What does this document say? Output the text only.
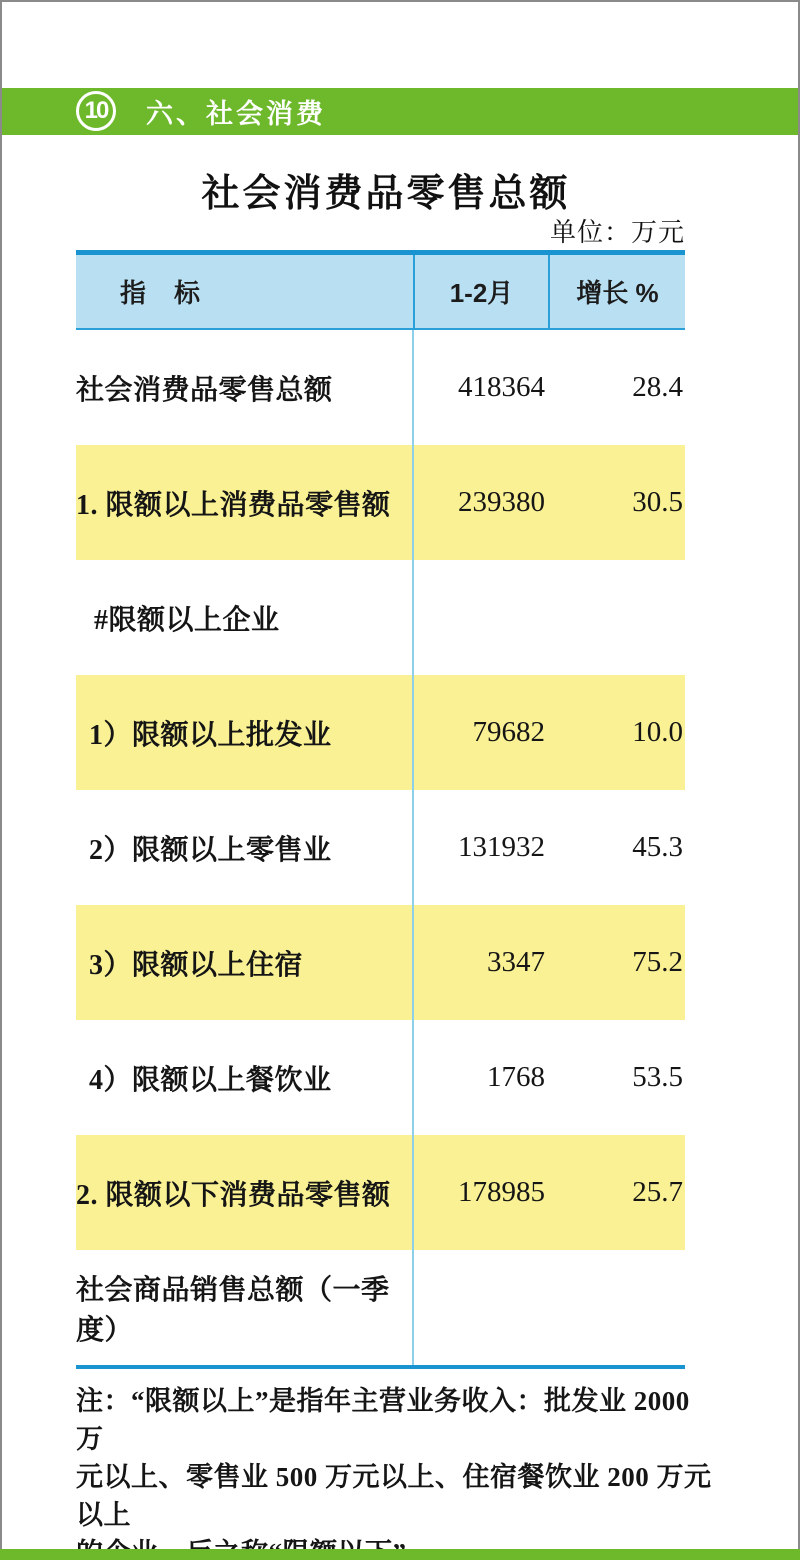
10	六、社会消费
社会消费品零售总额
单位：万元
指　标	1-2月	增长 %
社会消费品零售总额	418364	28.4
1. 限额以上消费品零售额	239380	30.5
#限额以上企业
1）限额以上批发业	79682	10.0
2）限额以上零售业	131932	45.3
3）限额以上住宿	3347	75.2
4）限额以上餐饮业	1768	53.5
2. 限额以下消费品零售额	178985	25.7
社会商品销售总额（一季度）
注：“限额以上”是指年主营业务收入：批发业 2000 万
元以上、零售业 500 万元以上、住宿餐饮业 200 万元以上
